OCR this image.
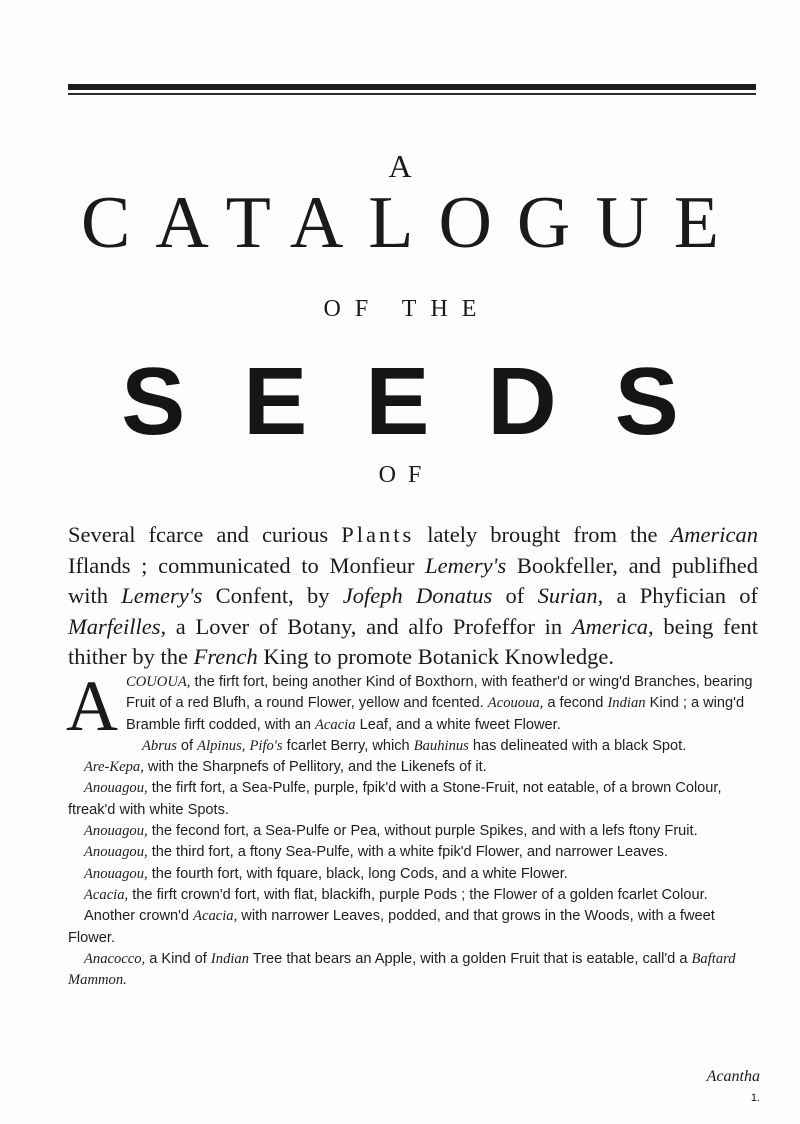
A
CATALOGUE
OF THE
SEEDS
OF
Several fcarce and curious Plants lately brought from the American Iflands ; communicated to Monfieur Lemery's Bookfeller, and publifhed with Lemery's Confent, by Jofeph Donatus of Surian, a Phyfician of Marfeilles, a Lover of Botany, and alfo Profeffor in America, being fent thither by the French King to promote Botanick Knowledge.

ACOUOUA, the firft fort, being another Kind of Boxthorn, with feather'd or wing'd Branches, bearing Fruit of a red Blufh, a round Flower, yellow and fcented. Acououa, a fecond Indian Kind ; a wing'd Bramble firft codded, with an Acacia Leaf, and a white fweet Flower.

Abrus of Alpinus, Pifo's fcarlet Berry, which Bauhinus has delineated with a black Spot.

Are-Kepa, with the Sharpnefs of Pellitory, and the Likenefs of it.

Anouagou, the firft fort, a Sea-Pulfe, purple, fpik'd with a Stone-Fruit, not eatable, of a brown Colour, ftreak'd with white Spots.

Anouagou, the fecond fort, a Sea-Pulfe or Pea, without purple Spikes, and with a lefs ftony Fruit.

Anouagou, the third fort, a ftony Sea-Pulfe, with a white fpik'd Flower, and narrower Leaves.

Anouagou, the fourth fort, with fquare, black, long Cods, and a white Flower.

Acacia, the firft crown'd fort, with flat, blackifh, purple Pods ; the Flower of a golden fcarlet Colour.

Another crown'd Acacia, with narrower Leaves, podded, and that grows in the Woods, with a fweet Flower.

Anacocco, a Kind of Indian Tree that bears an Apple, with a golden Fruit that is eatable, call'd a Baftard Mammon.

Acantha
1.
